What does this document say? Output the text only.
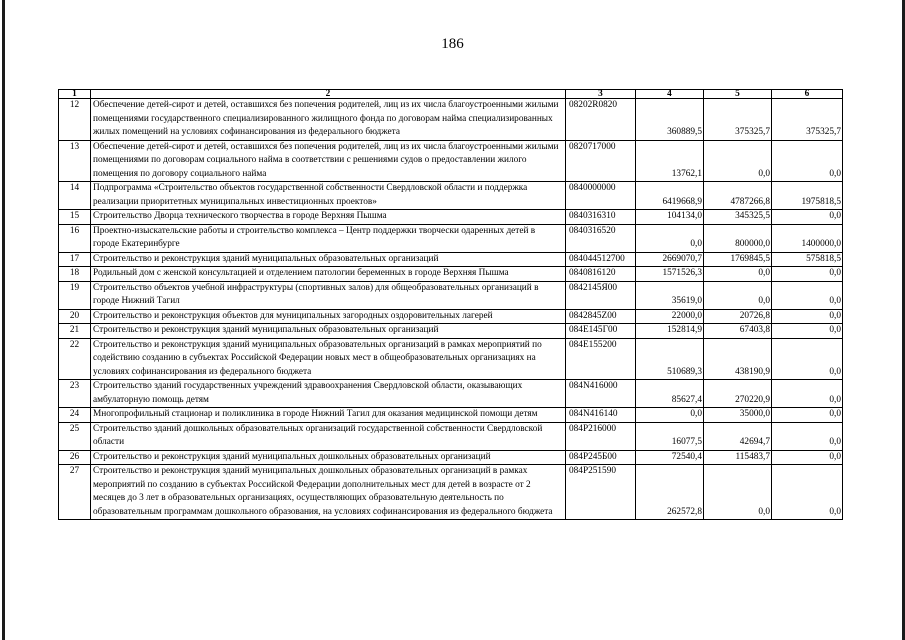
186
1	2	3	4	5	6
12	Обеспечение детей-сирот и детей, оставшихся без попечения родителей, лиц из их числа благоустроенными жилыми помещениями государственного специализированного жилищного фонда по договорам найма специализированных жилых помещений на условиях софинансирования из федерального бюджета	08202R0820	360889,5	375325,7	375325,7
13	Обеспечение детей-сирот и детей, оставшихся без попечения родителей, лиц из их числа благоустроенными жилыми помещениями по договорам социального найма в соответствии с решениями судов о предоставлении жилого помещения по договору социального найма	0820717000	13762,1	0,0	0,0
14	Подпрограмма «Строительство объектов государственной собственности Свердловской области и поддержка реализации приоритетных муниципальных инвестиционных проектов»	0840000000	6419668,9	4787266,8	1975818,5
15	Строительство Дворца технического творчества в городе Верхняя Пышма	0840316310	104134,0	345325,5	0,0
16	Проектно-изыскательские работы и строительство комплекса – Центр поддержки творчески одаренных детей в городе Екатеринбурге	0840316520	0,0	800000,0	1400000,0
17	Строительство и реконструкция зданий муниципальных образовательных организаций	084044512700	2669070,7	1769845,5	575818,5
18	Родильный дом с женской консультацией и отделением патологии беременных в городе Верхняя Пышма	0840816120	1571526,3	0,0	0,0
19	Строительство объектов учебной инфраструктуры (спортивных залов) для общеобразовательных организаций в городе Нижний Тагил	0842145Я00	35619,0	0,0	0,0
20	Строительство и реконструкция объектов для муниципальных загородных оздоровительных лагерей	0842845Z00	22000,0	20726,8	0,0
21	Строительство и реконструкция зданий муниципальных образовательных организаций	084E145Г00	152814,9	67403,8	0,0
22	Строительство и реконструкция зданий муниципальных образовательных организаций в рамках мероприятий по содействию созданию в субъектах Российской Федерации новых мест в общеобразовательных организациях на условиях софинансирования из федерального бюджета	084E155200	510689,3	438190,9	0,0
23	Строительство зданий государственных учреждений здравоохранения Свердловской области, оказывающих амбулаторную помощь детям	084N416000	85627,4	270220,9	0,0
24	Многопрофильный стационар и поликлиника в городе Нижний Тагил для оказания медицинской помощи детям	084N416140	0,0	35000,0	0,0
25	Строительство зданий дошкольных образовательных организаций государственной собственности Свердловской области	084P216000	16077,5	42694,7	0,0
26	Строительство и реконструкция зданий муниципальных дошкольных образовательных организаций	084P245Б00	72540,4	115483,7	0,0
27	Строительство и реконструкция зданий муниципальных дошкольных образовательных организаций в рамках мероприятий по созданию в субъектах Российской Федерации дополнительных мест для детей в возрасте от 2 месяцев до 3 лет в образовательных организациях, осуществляющих образовательную деятельность по образовательным программам дошкольного образования, на условиях софинансирования из федерального бюджета	084P251590	262572,8	0,0	0,0
